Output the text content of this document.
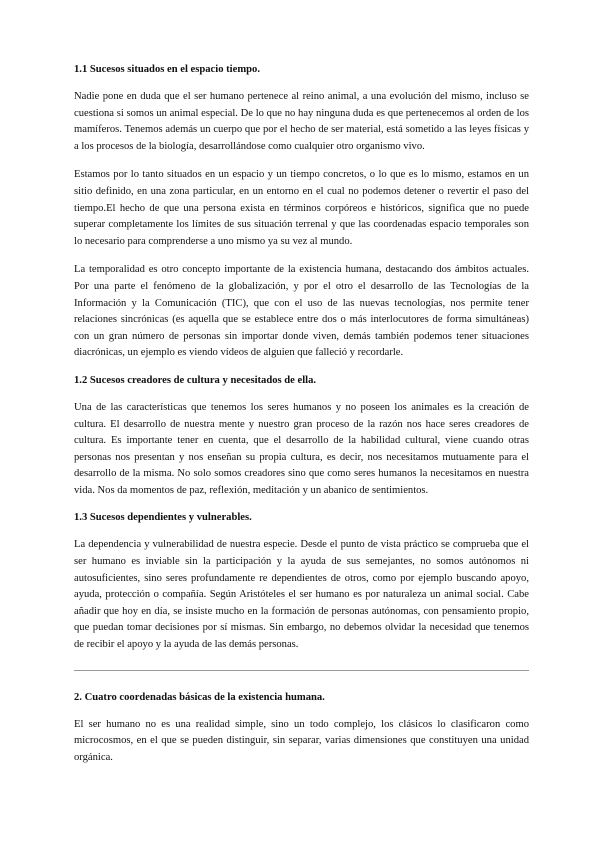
1.1 Sucesos situados en el espacio tiempo.

Nadie pone en duda que el ser humano pertenece al reino animal, a una evolución del mismo, incluso se cuestiona si somos un animal especial. De lo que no hay ninguna duda es que pertenecemos al orden de los mamíferos. Tenemos además un cuerpo que por el hecho de ser material, está sometido a las leyes físicas y a los procesos de la biología, desarrollándose como cualquier otro organismo vivo.

Estamos por lo tanto situados en un espacio y un tiempo concretos, o lo que es lo mismo, estamos en un sitio definido, en una zona particular, en un entorno en el cual no podemos detener o revertir el paso del tiempo.El hecho de que una persona exista en términos corpóreos e históricos, significa que no puede superar completamente los límites de sus situación terrenal y que las coordenadas espacio temporales son lo necesario para comprenderse a uno mismo ya su vez al mundo.

La temporalidad es otro concepto importante de la existencia humana, destacando dos ámbitos actuales. Por una parte el fenómeno de la globalización, y por el otro el desarrollo de las Tecnologías de la Información y la Comunicación (TIC), que con el uso de las nuevas tecnologías, nos permite tener relaciones sincrónicas (es aquella que se establece entre dos o más interlocutores de forma simultáneas) con un gran número de personas sin importar donde viven, demás también podemos tener situaciones diacrónicas, un ejemplo es viendo vídeos de alguien que falleció y recordarle.

1.2 Sucesos creadores de cultura y necesitados de ella.

Una de las características que tenemos los seres humanos y no poseen los animales es la creación de cultura. El desarrollo de nuestra mente y nuestro gran proceso de la razón nos hace seres creadores de cultura. Es importante tener en cuenta, que el desarrollo de la habilidad cultural, viene cuando otras personas nos presentan y nos enseñan su propia cultura, es decir, nos necesitamos mutuamente para el desarrollo de la misma. No solo somos creadores sino que como seres humanos la necesitamos en nuestra vida. Nos da momentos de paz, reflexión, meditación y un abanico de sentimientos.

1.3 Sucesos dependientes y vulnerables.

La dependencia y vulnerabilidad de nuestra especie. Desde el punto de vista práctico se comprueba que el ser humano es inviable sin la participación y la ayuda de sus semejantes, no somos autónomos ni autosuficientes, sino seres profundamente re dependientes de otros, como por ejemplo buscando apoyo, ayuda, protección o compañía. Según Aristóteles el ser humano es por naturaleza un animal social. Cabe añadir que hoy en día, se insiste mucho en la formación de personas autónomas, con pensamiento propio, que puedan tomar decisiones por sí mismas. Sin embargo, no debemos olvidar la necesidad que tenemos de recibir el apoyo y la ayuda de las demás personas.

2. Cuatro coordenadas básicas de la existencia humana.

El ser humano no es una realidad simple, sino un todo complejo, los clásicos lo clasificaron como microcosmos, en el que se pueden distinguir, sin separar, varias dimensiones que constituyen una unidad orgánica.
